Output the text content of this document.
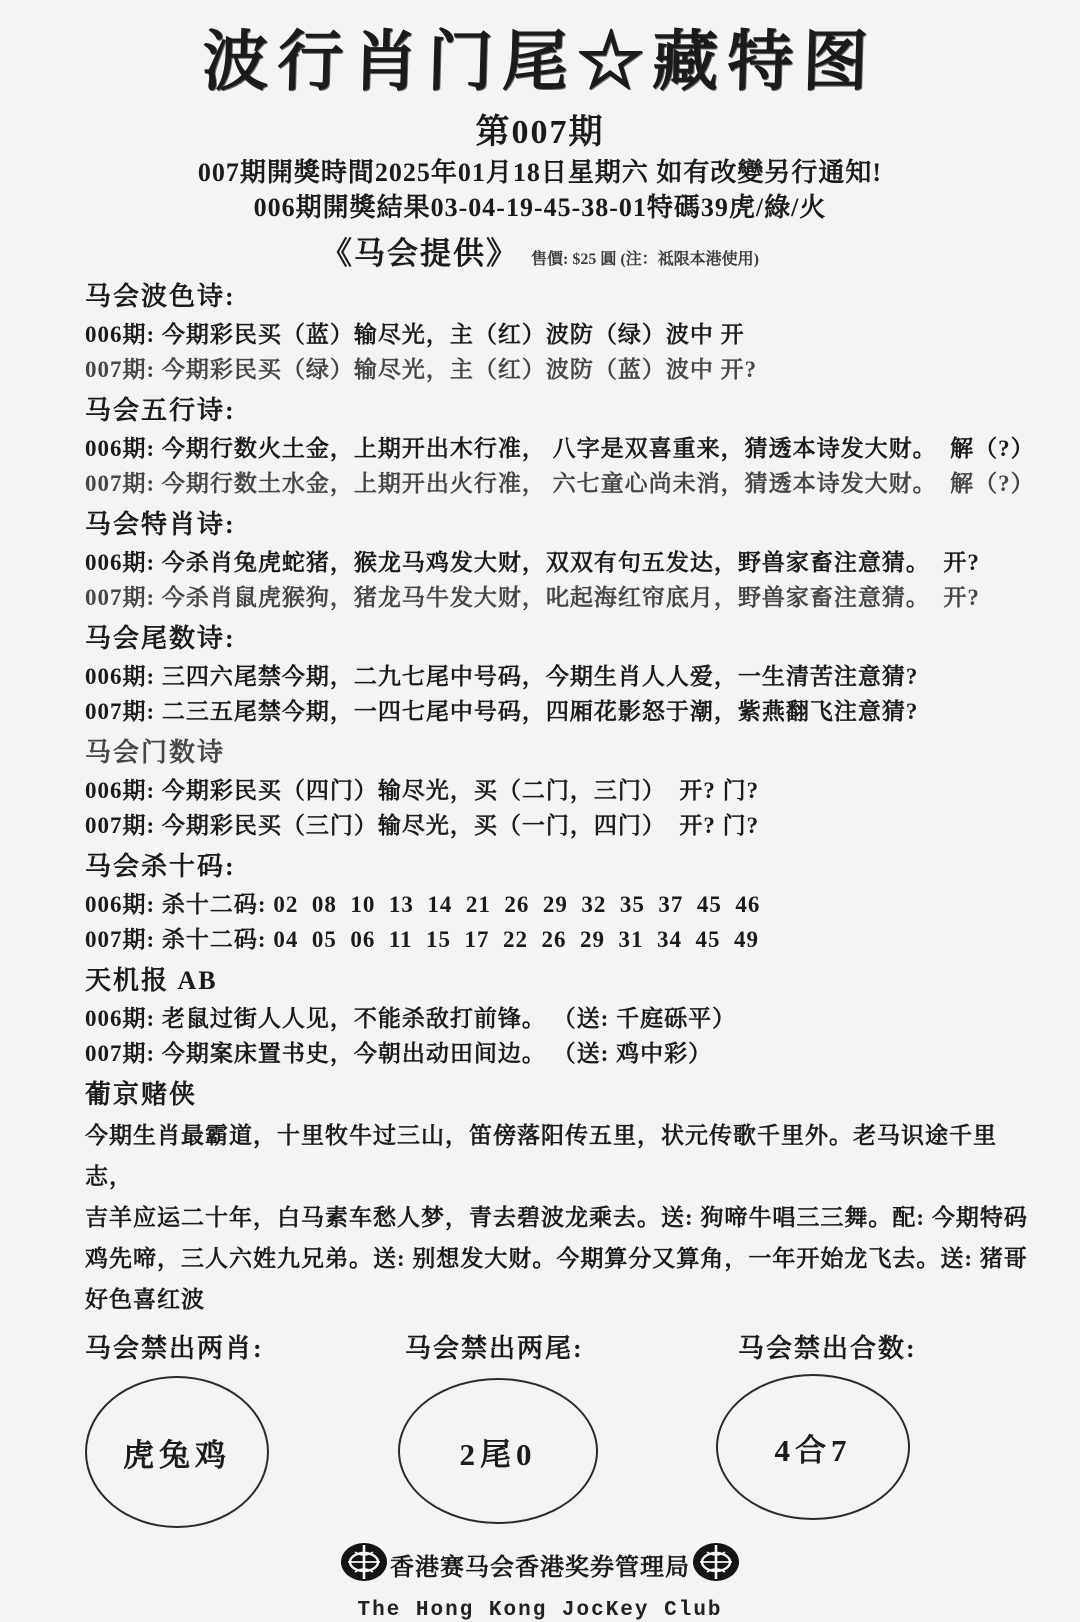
波行肖门尾☆藏特图
第007期
007期開獎時間2025年01月18日星期六 如有改變另行通知!
006期開獎結果03-04-19-45-38-01特碼39虎/綠/火
《马会提供》 售價: $25 圓 (注：祗限本港使用)
马会波色诗:
006期: 今期彩民买（蓝）输尽光，主（红）波防（绿）波中 开
007期: 今期彩民买（绿）输尽光，主（红）波防（蓝）波中 开?
马会五行诗:
006期: 今期行数火土金，上期开出木行准， 八字是双喜重来，猜透本诗发大财。  解（?）
007期: 今期行数土水金，上期开出火行准， 六七童心尚未消，猜透本诗发大财。  解（?）
马会特肖诗:
006期: 今杀肖兔虎蛇猪，猴龙马鸡发大财，双双有句五发达，野兽家畜注意猜。  开?
007期: 今杀肖鼠虎猴狗，猪龙马牛发大财，叱起海红帘底月，野兽家畜注意猜。  开?
马会尾数诗:
006期: 三四六尾禁今期，二九七尾中号码，今期生肖人人爱，一生清苦注意猜?
007期: 二三五尾禁今期，一四七尾中号码，四厢花影怒于潮，紫燕翻飞注意猜?
马会门数诗
006期: 今期彩民买（四门）输尽光，买（二门，三门）  开? 门?
007期: 今期彩民买（三门）输尽光，买（一门，四门）  开? 门?
马会杀十码:
006期: 杀十二码: 02  08  10  13  14  21  26  29  32  35  37  45  46
007期: 杀十二码: 04  05  06  11  15  17  22  26  29  31  34  45  49
天机报 AB
006期: 老鼠过街人人见，不能杀敌打前锋。 （送: 千庭砾平）
007期: 今期案床置书史，今朝出动田间边。 （送: 鸡中彩）
葡京赌侠
今期生肖最霸道，十里牧牛过三山，笛傍落阳传五里，状元传歌千里外。老马识途千里志，
吉羊应运二十年，白马素车愁人梦，青去碧波龙乘去。送: 狗啼牛唱三三舞。配: 今期特码
鸡先啼，三人六姓九兄弟。送: 别想发大财。今期算分又算角，一年开始龙飞去。送: 猪哥
好色喜红波
马会禁出两肖:	马会禁出两尾:	马会禁出合数:
虎兔鸡	2尾0	4合7
香港赛马会香港奖券管理局
The Hong Kong JocKey Club
